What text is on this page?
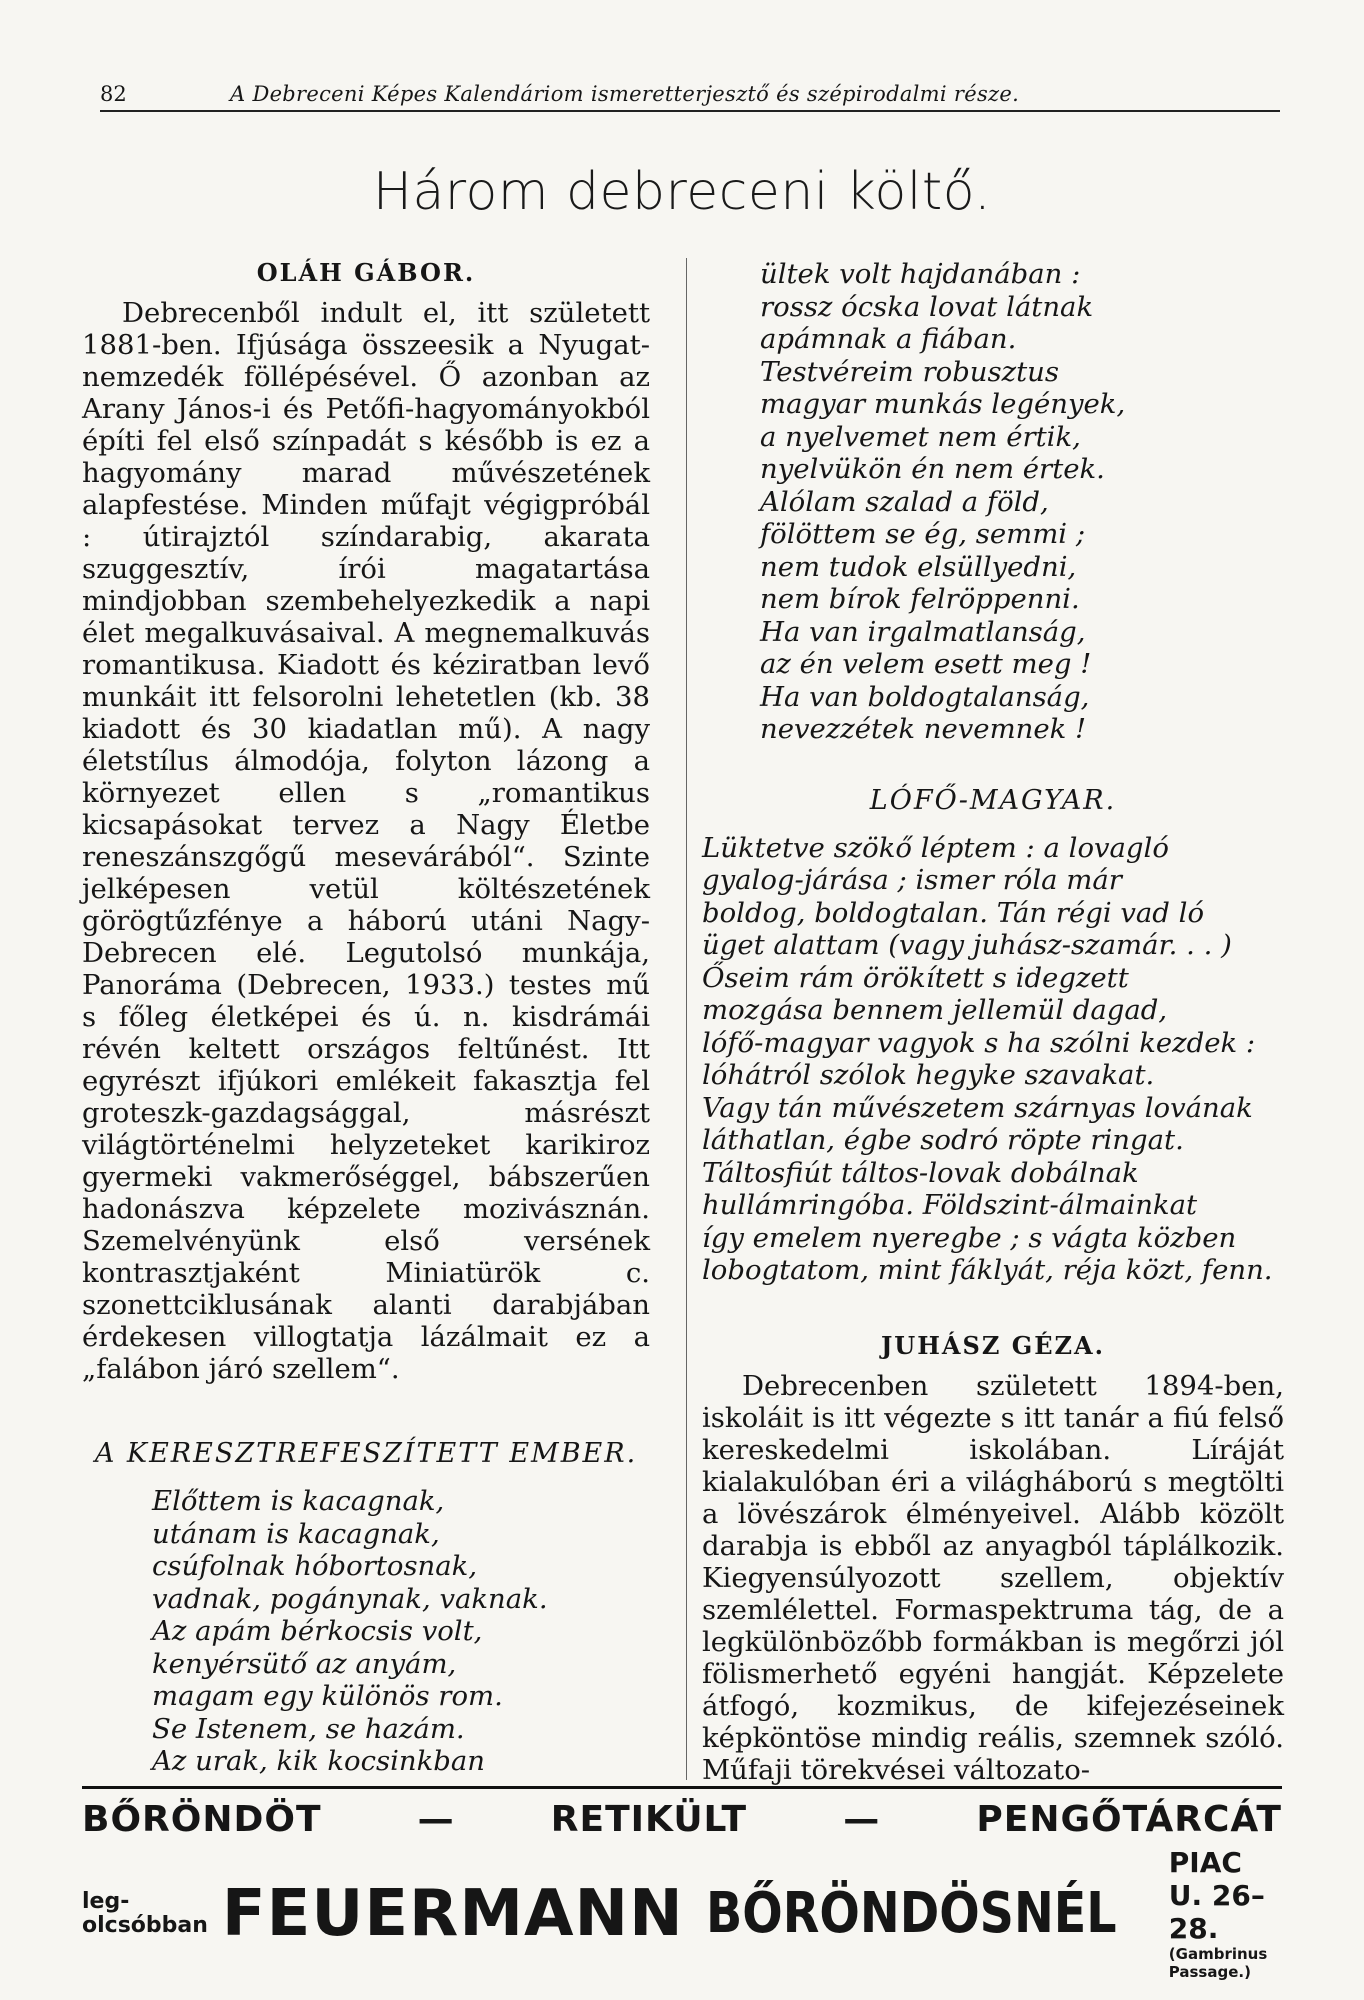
82	A Debreceni Képes Kalendáriom ismeretterjesztő és szépirodalmi része.
Három debreceni költő.
OLÁH GÁBOR.

Debrecenből indult el, itt született 1881-ben. Ifjúsága összeesik a Nyugat-nemzedék föllépésével. Ő azonban az Arany János-i és Petőfi-hagyományokból építi fel első színpadát s később is ez a hagyomány marad művészetének alapfestése. Minden műfajt végigpróbál : útirajztól színdarabig, akarata szuggesztív, írói magatartása mindjobban szembehelyezkedik a napi élet megalkuvásaival. A megnemalkuvás romantikusa. Kiadott és kéziratban levő munkáit itt felsorolni lehetetlen (kb. 38 kiadott és 30 kiadatlan mű). A nagy életstílus álmodója, folyton lázong a környezet ellen s „romantikus kicsapásokat tervez a Nagy Életbe reneszánszgőgű mesevárából“. Szinte jelképesen vetül költészetének görögtűzfénye a háború utáni Nagy-Debrecen elé. Legutolsó munkája, Panoráma (Debrecen, 1933.) testes mű s főleg életképei és ú. n. kisdrámái révén keltett országos feltűnést. Itt egyrészt ifjúkori emlékeit fakasztja fel groteszk-gazdagsággal, másrészt világtörténelmi helyzeteket karikiroz gyermeki vakmerőséggel, bábszerűen hadonászva képzelete mozivásznán. Szemelvényünk első versének kontrasztjaként Miniatürök c. szonettciklusának alanti darabjában érdekesen villogtatja lázálmait ez a „falábon járó szellem“.

A KERESZTREFESZÍTETT EMBER.
Előttem is kacagnak,
utánam is kacagnak,
csúfolnak hóbortosnak,
vadnak, pogánynak, vaknak.
Az apám bérkocsis volt,
kenyérsütő az anyám,
magam egy különös rom.
Se Istenem, se hazám.
Az urak, kik kocsinkban
ültek volt hajdanában :
rossz ócska lovat látnak
apámnak a fiában.
Testvéreim robusztus
magyar munkás legények,
a nyelvemet nem értik,
nyelvükön én nem értek.
Alólam szalad a föld,
fölöttem se ég, semmi ;
nem tudok elsüllyedni,
nem bírok felröppenni.
Ha van irgalmatlanság,
az én velem esett meg !
Ha van boldogtalanság,
nevezzétek nevemnek !
LÓFŐ-MAGYAR.
Lüktetve szökő léptem : a lovagló
gyalog-járása ; ismer róla már
boldog, boldogtalan. Tán régi vad ló
üget alattam (vagy juhász-szamár. . . )
Őseim rám örökített s idegzett
mozgása bennem jellemül dagad,
lófő-magyar vagyok s ha szólni kezdek :
lóhátról szólok hegyke szavakat.
Vagy tán művészetem szárnyas lovának
láthatlan, égbe sodró röpte ringat.
Táltosfiút táltos-lovak dobálnak
hullámringóba. Földszint-álmainkat
így emelem nyeregbe ; s vágta közben
lobogtatom, mint fáklyát, réja közt, fenn.
JUHÁSZ GÉZA.

Debrecenben született 1894-ben, iskoláit is itt végezte s itt tanár a fiú felső kereskedelmi iskolában. Líráját kialakulóban éri a világháború s megtölti a lövészárok élményeivel. Alább közölt darabja is ebből az anyagból táplálkozik. Kiegyensúlyozott szellem, objektív szemlélettel. Formaspektruma tág, de a legkülönbözőbb formákban is megőrzi jól fölismerhető egyéni hangját. Képzelete átfogó, kozmikus, de kifejezéseinek képköntöse mindig reális, szemnek szóló. Műfaji törekvései változato-

BŐRÖNDÖT	—	RETIKÜLT	—	PENGŐTÁRCÁT
leg-
olcsóbban FEUERMANN BŐRÖNDÖSNÉL
PIAC U. 26–28.
(Gambrinus Passage.)
